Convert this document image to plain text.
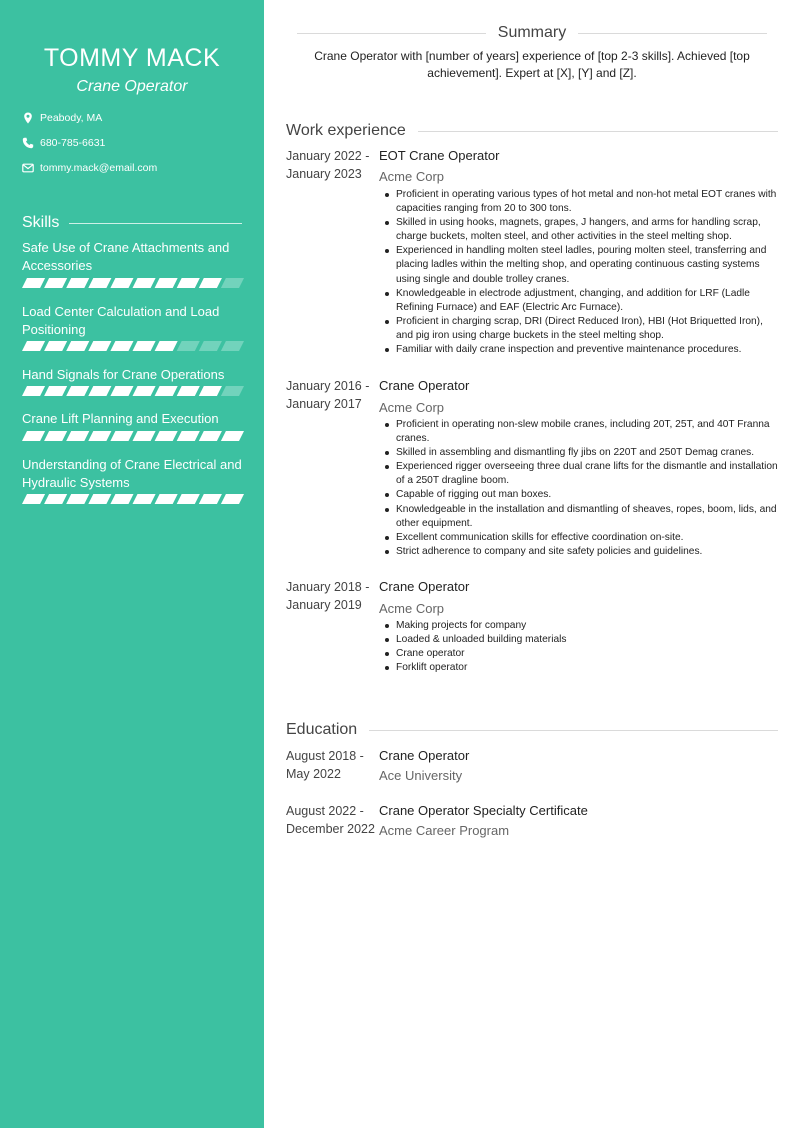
TOMMY MACK
Crane Operator
Peabody, MA
680-785-6631
tommy.mack@email.com
Skills
Safe Use of Crane Attachments and Accessories
Load Center Calculation and Load Positioning
Hand Signals for Crane Operations
Crane Lift Planning and Execution
Understanding of Crane Electrical and Hydraulic Systems
Summary

Crane Operator with [number of years] experience of [top 2-3 skills]. Achieved [top achievement]. Expert at [X], [Y] and [Z].

Work experience
January 2022 -
January 2023
EOT Crane Operator
Acme Corp
Proficient in operating various types of hot metal and non-hot metal EOT cranes with capacities ranging from 20 to 300 tons.
Skilled in using hooks, magnets, grapes, J hangers, and arms for handling scrap, charge buckets, molten steel, and other activities in the steel melting shop.
Experienced in handling molten steel ladles, pouring molten steel, transferring and placing ladles within the melting shop, and operating continuous casting systems using single and double trolley cranes.
Knowledgeable in electrode adjustment, changing, and addition for LRF (Ladle Refining Furnace) and EAF (Electric Arc Furnace).
Proficient in charging scrap, DRI (Direct Reduced Iron), HBI (Hot Briquetted Iron), and pig iron using charge buckets in the steel melting shop.
Familiar with daily crane inspection and preventive maintenance procedures.
January 2016 -
January 2017
Crane Operator
Acme Corp
Proficient in operating non-slew mobile cranes, including 20T, 25T, and 40T Franna cranes.
Skilled in assembling and dismantling fly jibs on 220T and 250T Demag cranes.
Experienced rigger overseeing three dual crane lifts for the dismantle and installation of a 250T dragline boom.
Capable of rigging out man boxes.
Knowledgeable in the installation and dismantling of sheaves, ropes, boom, lids, and other equipment.
Excellent communication skills for effective coordination on-site.
Strict adherence to company and site safety policies and guidelines.
January 2018 -
January 2019
Crane Operator
Acme Corp
Making projects for company
Loaded & unloaded building materials
Crane operator
Forklift operator
Education
August 2018 -
May 2022
Crane Operator
Ace University
August 2022 -
December 2022
Crane Operator Specialty Certificate
Acme Career Program
